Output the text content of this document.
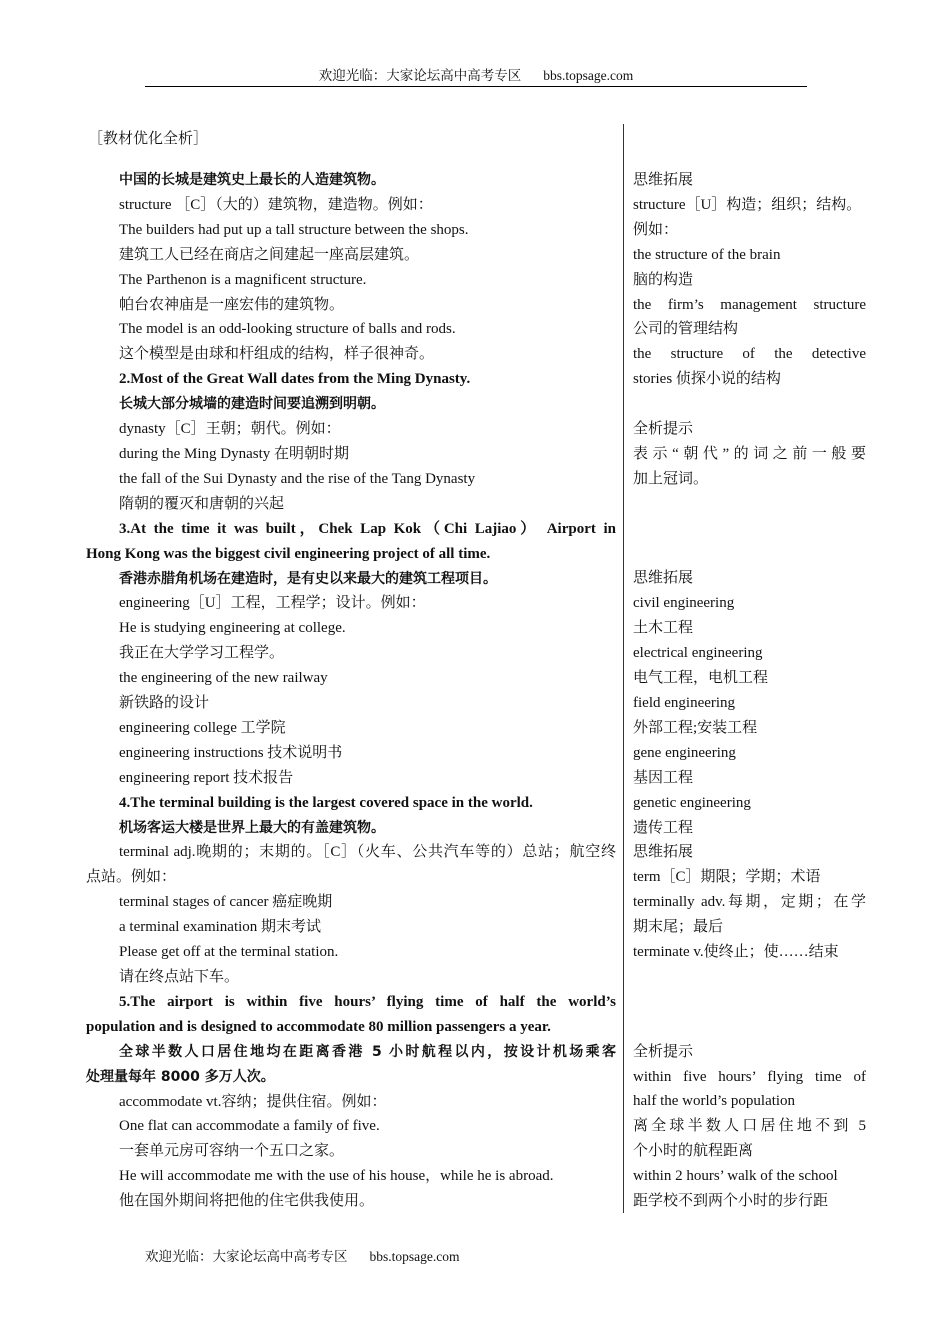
欢迎光临：大家论坛高中高考专区 bbs.topsage.com
［教材优化全析］
中国的长城是建筑史上最长的人造建筑物。
structure ［C］（大的）建筑物，建造物。例如：
The builders had put up a tall structure between the shops.
建筑工人已经在商店之间建起一座高层建筑。
The Parthenon is a magnificent structure.
帕台农神庙是一座宏伟的建筑物。
The model is an odd-looking structure of balls and rods.
这个模型是由球和杆组成的结构，样子很神奇。
2.Most of the Great Wall dates from the Ming Dynasty.
长城大部分城墙的建造时间要追溯到明朝。
dynasty［C］王朝；朝代。例如：
during the Ming Dynasty 在明朝时期
the fall of the Sui Dynasty and the rise of the Tang Dynasty
隋朝的覆灭和唐朝的兴起
3.At the time it was built，Chek Lap Kok（Chi Lajiao） Airport in
Hong Kong was the biggest civil engineering project of all time.
香港赤腊角机场在建造时，是有史以来最大的建筑工程项目。
engineering［U］工程，工程学；设计。例如：
He is studying engineering at college.
我正在大学学习工程学。
the engineering of the new railway
新铁路的设计
engineering college 工学院
engineering instructions 技术说明书
engineering report 技术报告
4.The terminal building is the largest covered space in the world.
机场客运大楼是世界上最大的有盖建筑物。
terminal adj.晚期的；末期的。［C］（火车、公共汽车等的）总站；航空终
点站。例如：
terminal stages of cancer 癌症晚期
a terminal examination 期末考试
Please get off at the terminal station.
请在终点站下车。
5.The airport is within five hours’ flying time of half the world’s
population and is designed to accommodate 80 million passengers a year.
全球半数人口居住地均在距离香港 5 小时航程以内，按设计机场乘客
处理量每年 8000 多万人次。
accommodate vt.容纳；提供住宿。例如：
One flat can accommodate a family of five.
一套单元房可容纳一个五口之家。
He will accommodate me with the use of his house，while he is abroad.
他在国外期间将把他的住宅供我使用。
思维拓展
structure［U］构造；组织；结构。
例如：
the structure of the brain
脑的构造
the firm’s management structure
公司的管理结构
the structure of the detective
stories 侦探小说的结构
全析提示
表示“朝代”的词之前一般要
加上冠词。
思维拓展
civil engineering
土木工程
electrical engineering
电气工程，电机工程
field engineering
外部工程;安装工程
gene engineering
基因工程
genetic engineering
遗传工程
思维拓展
term［C］期限；学期；术语
terminally adv.每期，定期；在学
期末尾；最后
terminate v.使终止；使……结束
全析提示
within five hours’ flying time of
half the world’s population
离全球半数人口居住地不到 5
个小时的航程距离
within 2 hours’ walk of the school
距学校不到两个小时的步行距
欢迎光临：大家论坛高中高考专区 bbs.topsage.com
